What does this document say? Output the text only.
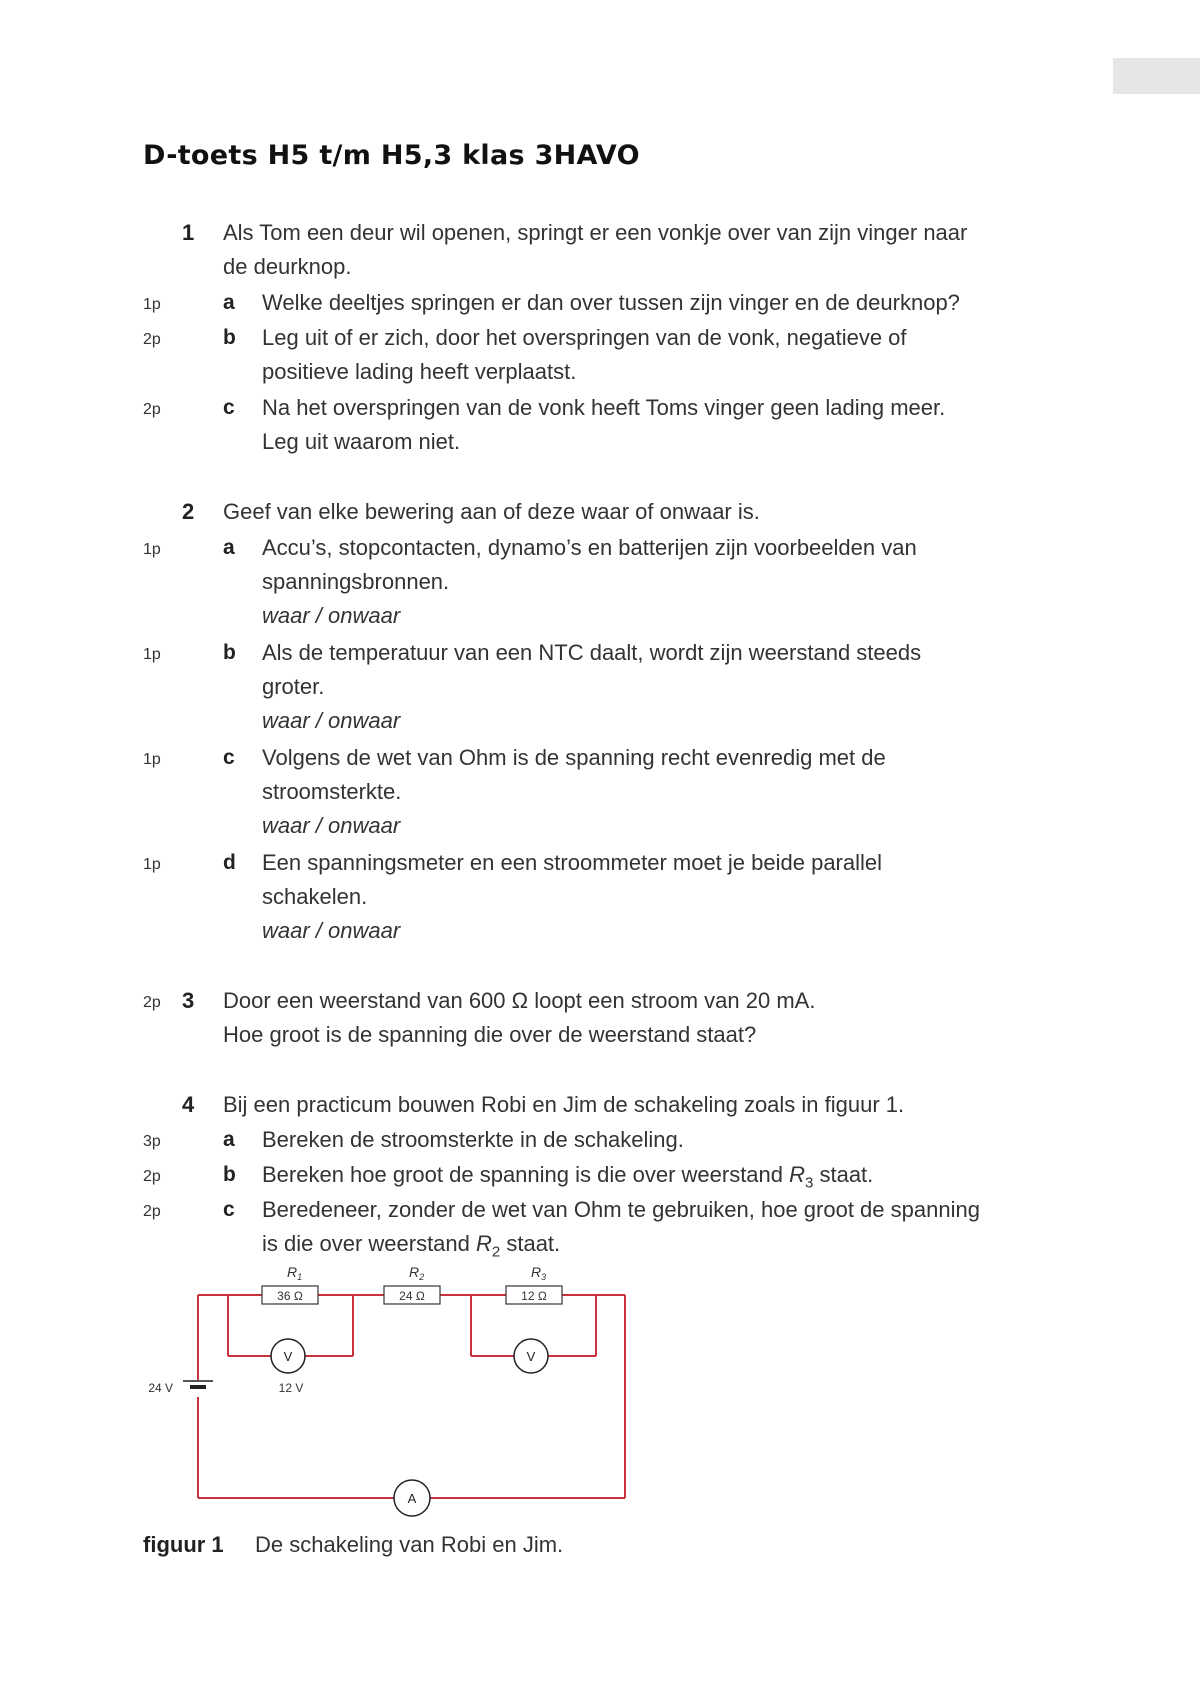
D-toets H5 t/m H5,3 klas 3HAVO
1 Als Tom een deur wil openen, springt er een vonkje over van zijn vinger naar
de deurknop.
1p	a Welke deeltjes springen er dan over tussen zijn vinger en de deurknop?
2p	b Leg uit of er zich, door het overspringen van de vonk, negatieve of
positieve lading heeft verplaatst.
2p	c Na het overspringen van de vonk heeft Toms vinger geen lading meer.
Leg uit waarom niet.
2 Geef van elke bewering aan of deze waar of onwaar is.
1p	a Accu’s, stopcontacten, dynamo’s en batterijen zijn voorbeelden van
spanningsbronnen.
waar / onwaar
1p	b Als de temperatuur van een NTC daalt, wordt zijn weerstand steeds
groter.
waar / onwaar
1p	c Volgens de wet van Ohm is de spanning recht evenredig met de
stroomsterkte.
waar / onwaar
1p	d Een spanningsmeter en een stroommeter moet je beide parallel
schakelen.
waar / onwaar
2p 3 Door een weerstand van 600 Ω loopt een stroom van 20 mA.
Hoe groot is de spanning die over de weerstand staat?
4 Bij een practicum bouwen Robi en Jim de schakeling zoals in figuur 1.
3p	a Bereken de stroomsterkte in de schakeling.
2p	b Bereken hoe groot de spanning is die over weerstand $R_3$ staat.
2p	c Beredeneer, zonder de wet van Ohm te gebruiken, hoe groot de spanning
is die over weerstand $R_2$ staat.
36 Ω	24 Ω	12 Ω
$R_1$	$R_2$	$R_3$
24 V
V
12 V
V
A
figuur 1 De schakeling van Robi en Jim.
